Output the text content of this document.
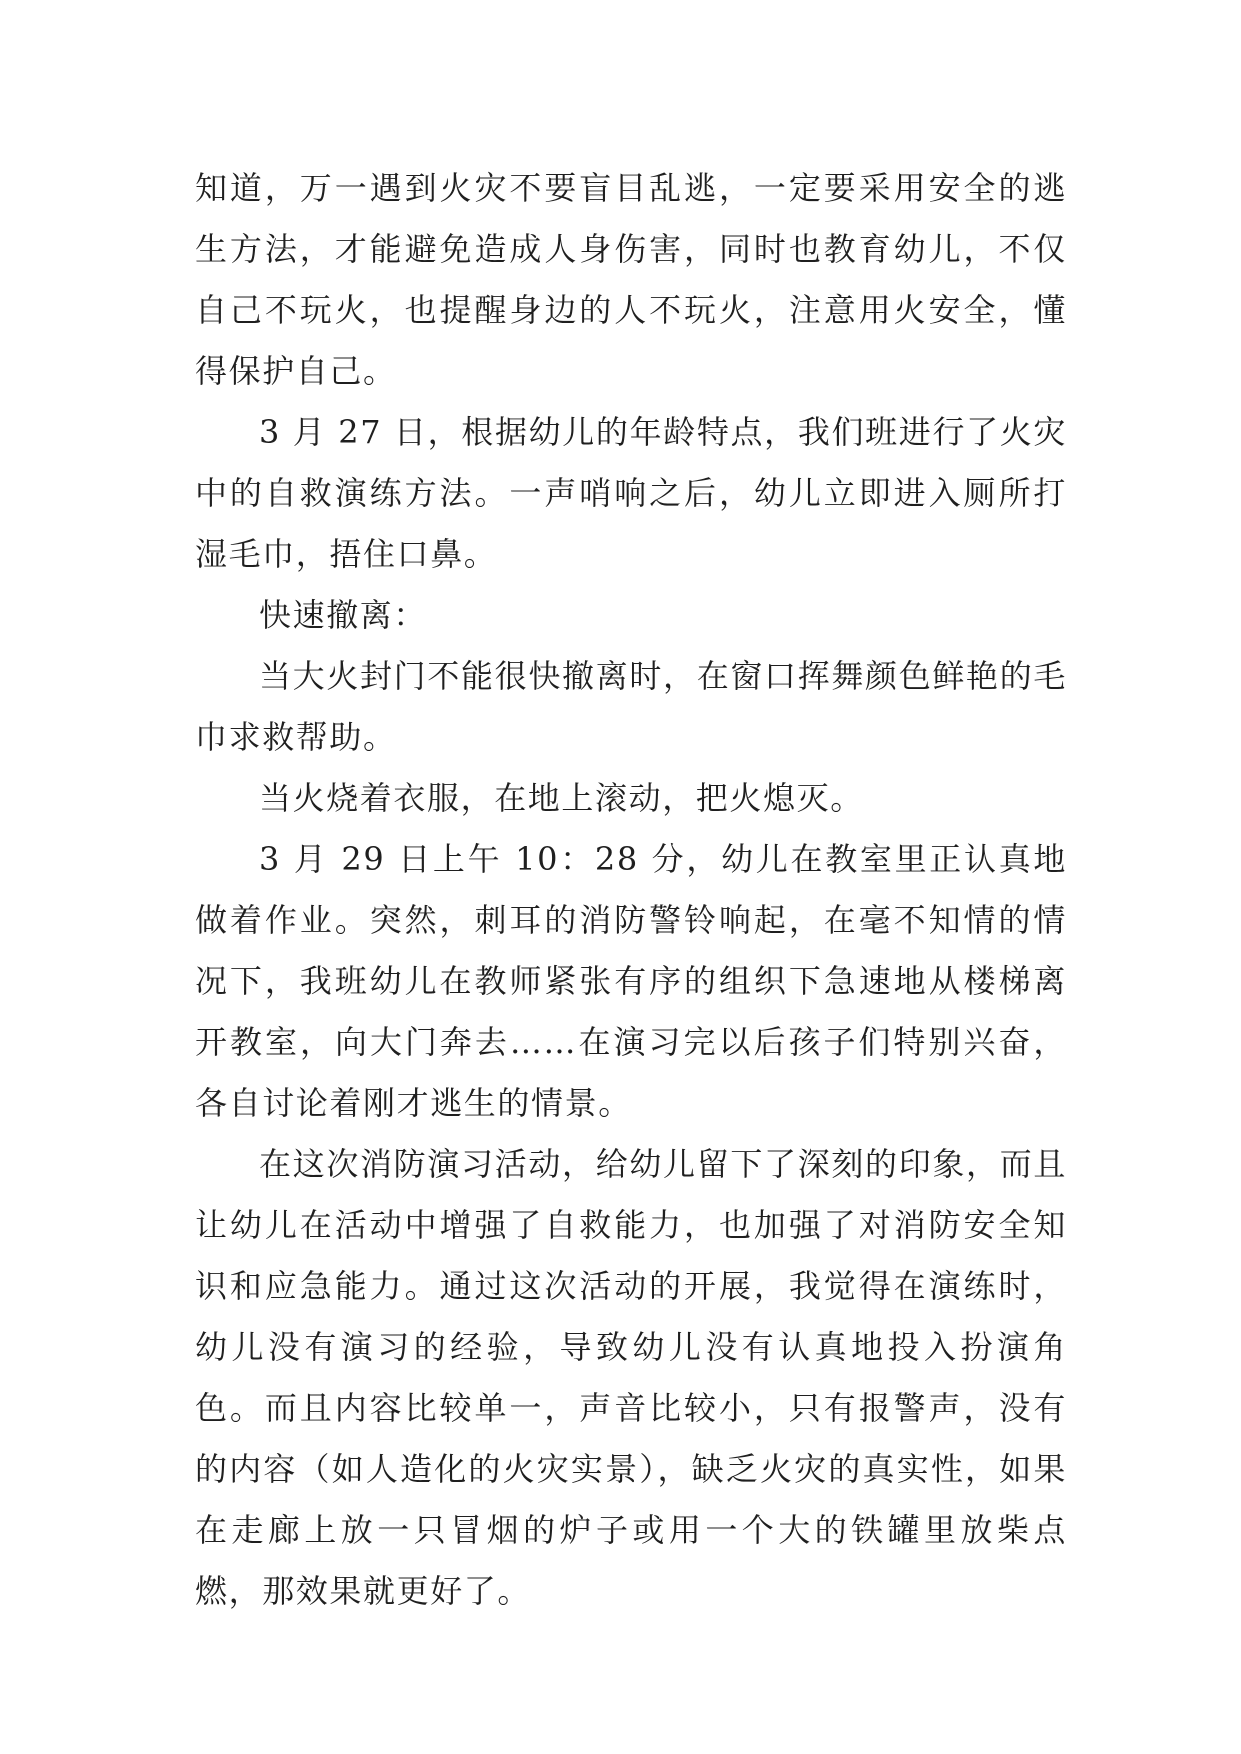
知道，万一遇到火灾不要盲目乱逃，一定要采用安全的逃生方法，才能避免造成人身伤害，同时也教育幼儿，不仅自己不玩火，也提醒身边的人不玩火，注意用火安全，懂得保护自己。

3 月 27 日，根据幼儿的年龄特点，我们班进行了火灾中的自救演练方法。一声哨响之后，幼儿立即进入厕所打湿毛巾，捂住口鼻。

快速撤离：

当大火封门不能很快撤离时，在窗口挥舞颜色鲜艳的毛巾求救帮助。

当火烧着衣服，在地上滚动，把火熄灭。

3 月 29 日上午 10：28 分，幼儿在教室里正认真地做着作业。突然，刺耳的消防警铃响起，在毫不知情的情况下，我班幼儿在教师紧张有序的组织下急速地从楼梯离开教室，向大门奔去……在演习完以后孩子们特别兴奋，各自讨论着刚才逃生的情景。

在这次消防演习活动，给幼儿留下了深刻的印象，而且让幼儿在活动中增强了自救能力，也加强了对消防安全知识和应急能力。通过这次活动的开展，我觉得在演练时，幼儿没有演习的经验，导致幼儿没有认真地投入扮演角色。而且内容比较单一，声音比较小，只有报警声，没有的内容（如人造化的火灾实景），缺乏火灾的真实性，如果在走廊上放一只冒烟的炉子或用一个大的铁罐里放柴点燃，那效果就更好了。
